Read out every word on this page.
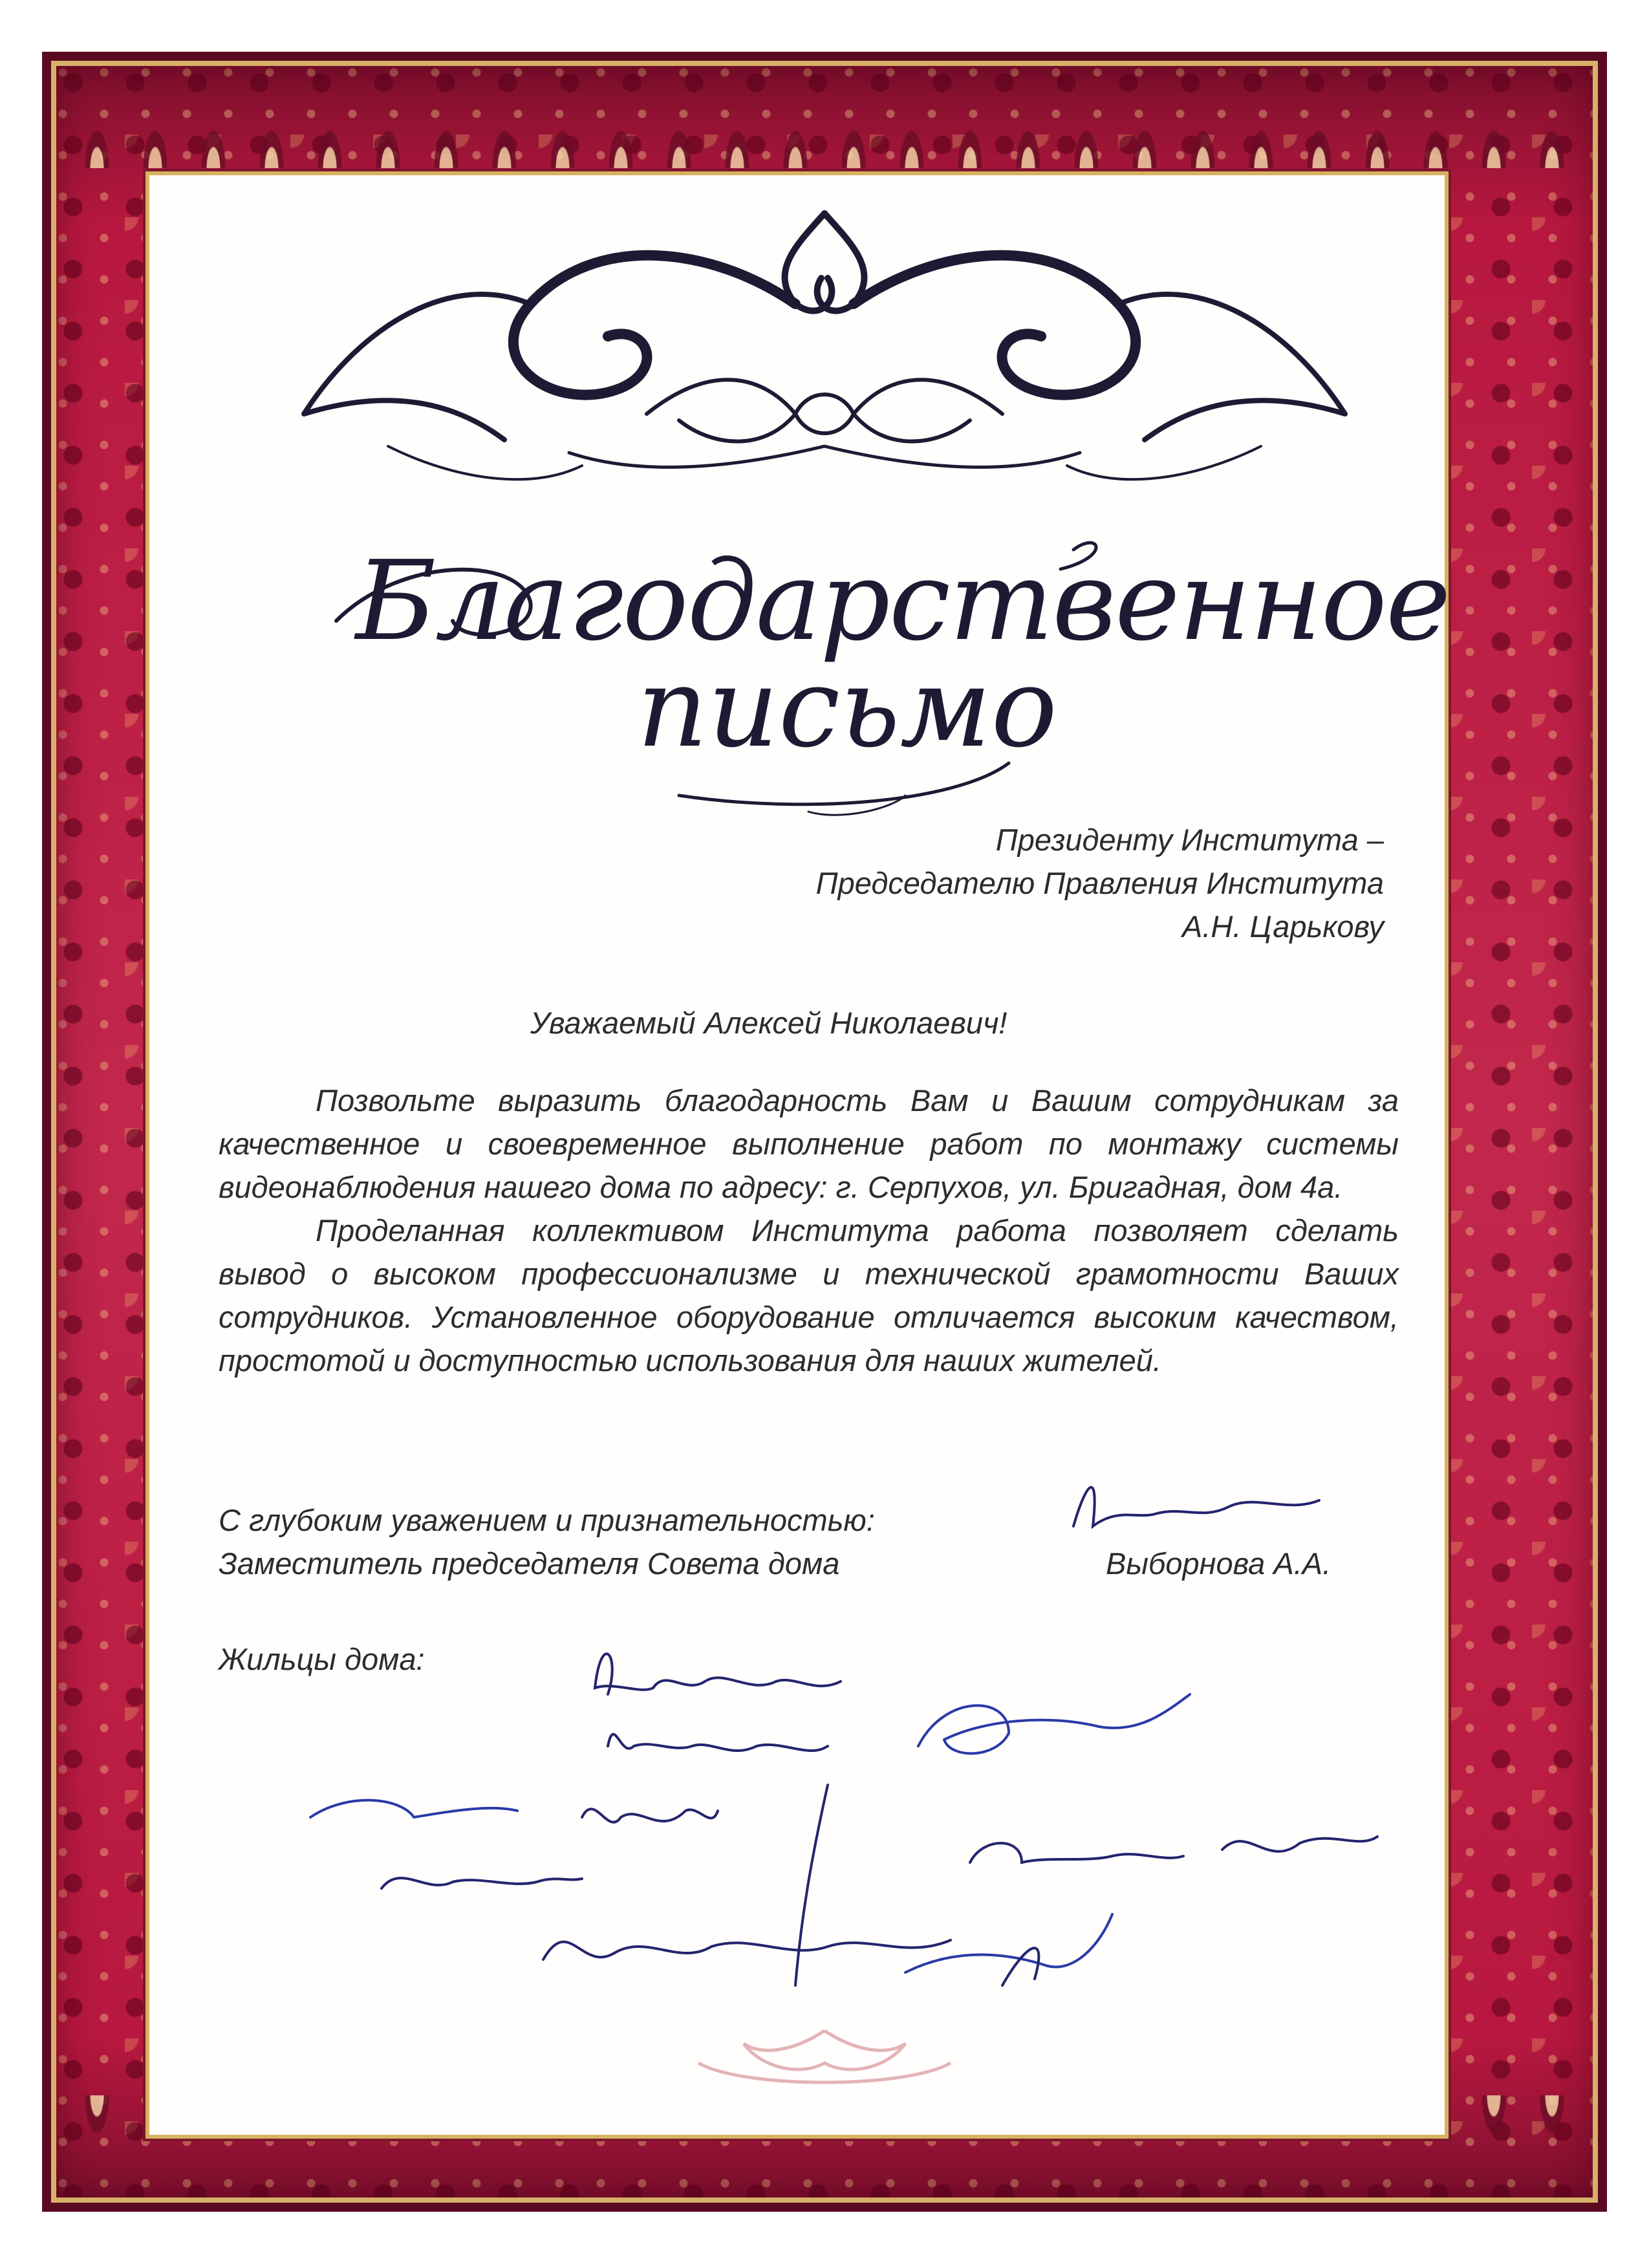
Благодарственное
письмо
Президенту Института –
Председателю Правления Института
А.Н. Царькову
Уважаемый Алексей Николаевич!

Позвольте выразить благодарность Вам и Вашим сотрудникам за качественное и своевременное выполнение работ по монтажу системы видеонаблюдения нашего дома по адресу: г. Серпухов, ул. Бригадная, дом 4а.

Проделанная коллективом Института работа позволяет сделать вывод о высоком профессионализме и технической грамотности Ваших сотрудников. Установленное оборудование отличается высоким качеством, простотой и доступностью использования для наших жителей.

С глубоким уважением и признательностью:
Заместитель председателя Совета дома	Выборнова А.А.
Жильцы дома:
